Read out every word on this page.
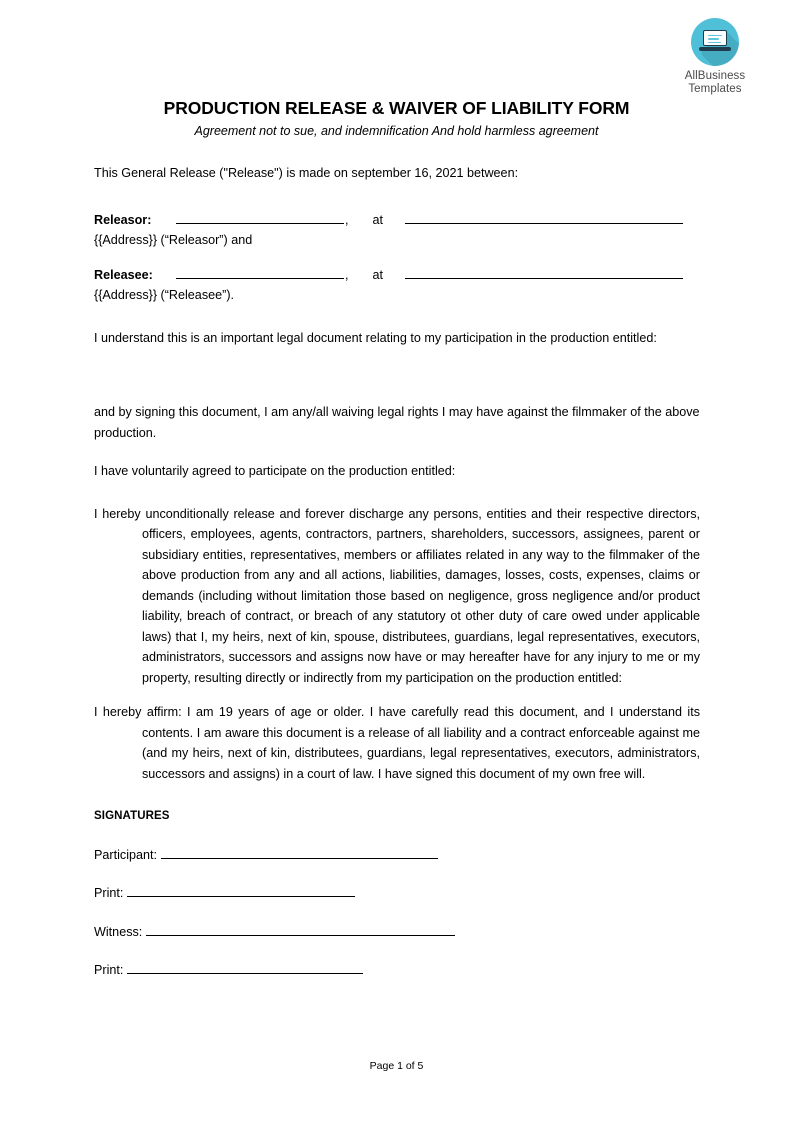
AllBusiness
Templates
PRODUCTION RELEASE & WAIVER OF LIABILITY FORM
Agreement not to sue, and indemnification And hold harmless agreement
This General Release ("Release") is made on september 16, 2021 between:
Releasor:	, at
{{Address}} (“Releasor”) and
Releasee:	, at
{{Address}} (“Releasee”).
I understand this is an important legal document relating to my participation in the production entitled:
and by signing this document, I am any/all waiving legal rights I may have against the filmmaker of the above production.
I have voluntarily agreed to participate on the production entitled:
I hereby unconditionally release and forever discharge any persons, entities and their respective directors, officers, employees, agents, contractors, partners, shareholders, successors, assignees, parent or subsidiary entities, representatives, members or affiliates related in any way to the filmmaker of the above production from any and all actions, liabilities, damages, losses, costs, expenses, claims or demands (including without limitation those based on negligence, gross negligence and/or product liability, breach of contract, or breach of any statutory ot other duty of care owed under applicable laws) that I, my heirs, next of kin, spouse, distributees, guardians, legal representatives, executors, administrators, successors and assigns now have or may hereafter have for any injury to me or my property, resulting directly or indirectly from my participation on the production entitled:
I hereby affirm: I am 19 years of age or older. I have carefully read this document, and I understand its contents. I am aware this document is a release of all liability and a contract enforceable against me (and my heirs, next of kin, distributees, guardians, legal representatives, executors, administrators, successors and assigns) in a court of law. I have signed this document of my own free will.
SIGNATURES
Participant:
Print:
Witness:
Print:
Page 1 of 5
